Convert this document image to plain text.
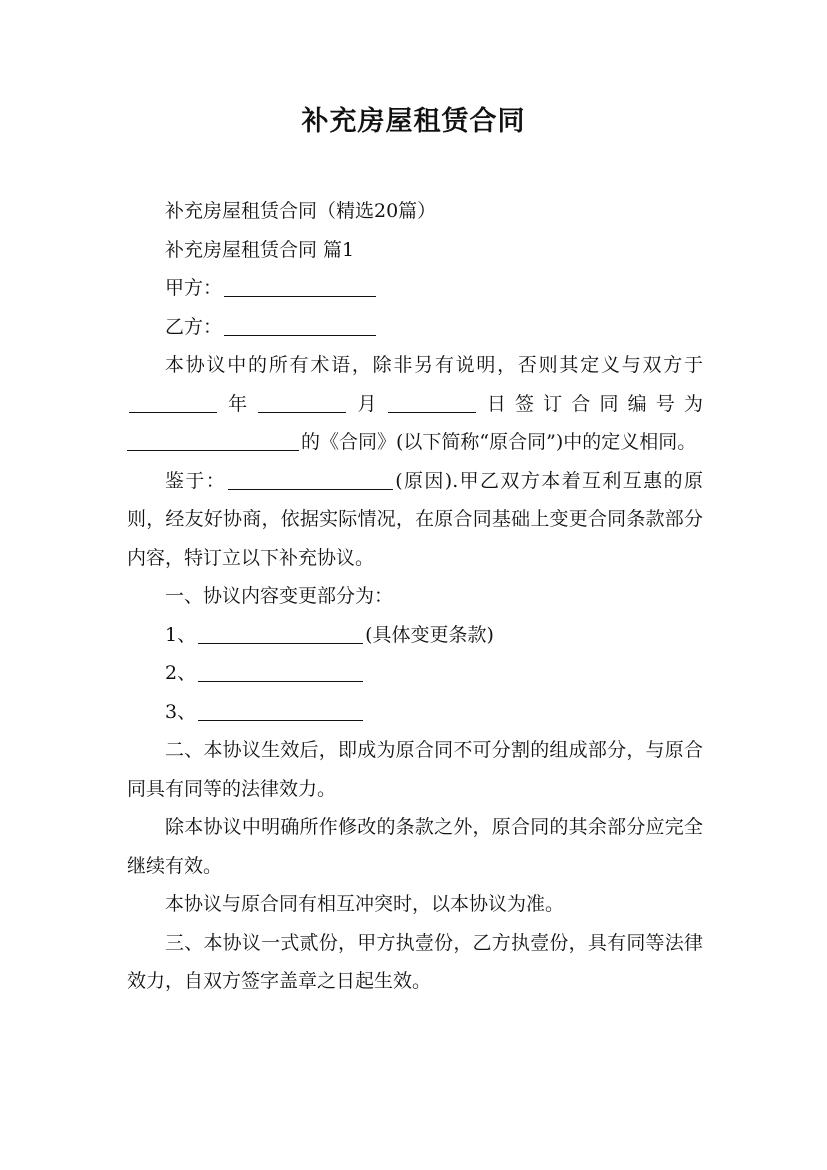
补充房屋租赁合同

补充房屋租赁合同（精选20篇）

补充房屋租赁合同 篇1

甲方：

乙方：

本协议中的所有术语，除非另有说明，否则其定义与双方于年	月	日签订合同编号为的《合同》(以下简称“原合同”)中的定义相同。

鉴于：	(原因).甲乙双方本着互利互惠的原则，经友好协商，依据实际情况，在原合同基础上变更合同条款部分内容，特订立以下补充协议。

一、协议内容变更部分为：

1、	(具体变更条款)

2、

3、

二、本协议生效后，即成为原合同不可分割的组成部分，与原合同具有同等的法律效力。

除本协议中明确所作修改的条款之外，原合同的其余部分应完全继续有效。

本协议与原合同有相互冲突时，以本协议为准。

三、本协议一式贰份，甲方执壹份，乙方执壹份，具有同等法律效力，自双方签字盖章之日起生效。
